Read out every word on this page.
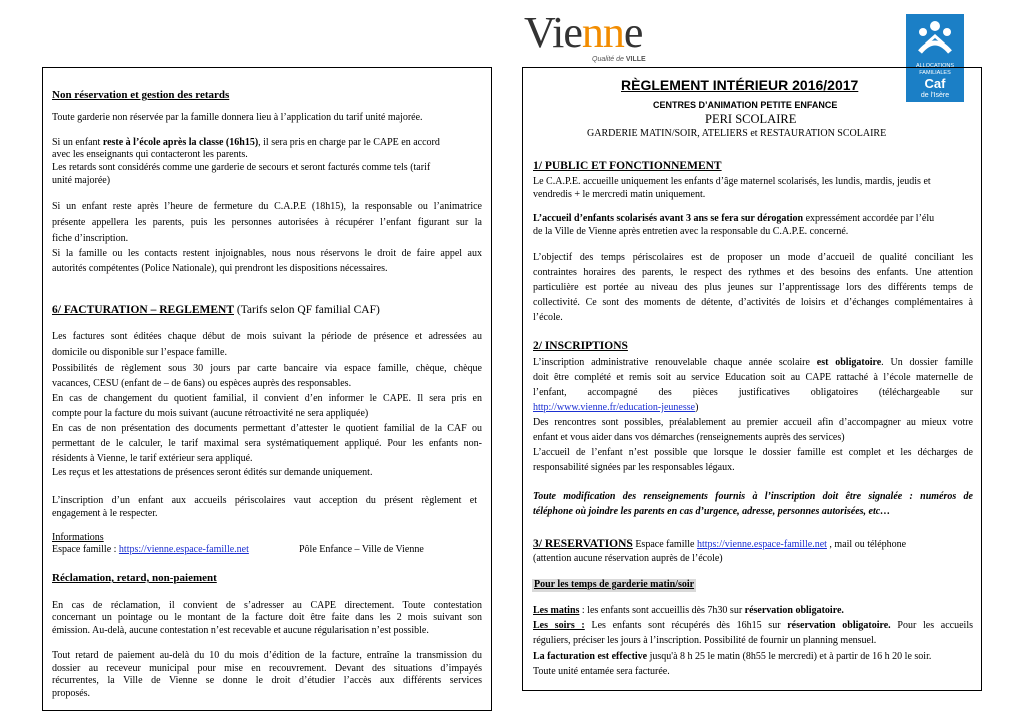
Vienne
Qualité de VILLE
ALLOCATIONS
FAMILIALES
Caf
de l'Isère
Non réservation et gestion des retards
Toute garderie non réservée par la famille donnera lieu à l’application du tarif unité majorée.
Si un enfant reste à l’école après la classe (16h15), il sera pris en charge par le CAPE en accord
avec les enseignants qui contacteront les parents.
Les retards sont considérés comme une garderie de secours et seront facturés comme tels (tarif
unité majorée)
Si un enfant reste après l’heure de fermeture du C.A.P.E (18h15), la responsable ou l’animatrice
présente appellera les parents, puis les personnes autorisées à récupérer l’enfant figurant sur la
fiche d’inscription.
Si la famille ou les contacts restent injoignables, nous nous réservons le droit de faire appel aux
autorités compétentes (Police Nationale), qui prendront les dispositions nécessaires.
6/ FACTURATION – REGLEMENT (Tarifs selon QF familial CAF)
Les factures sont éditées chaque début de mois suivant la période de présence et adressées au
domicile ou disponible sur l’espace famille.
Possibilités de règlement sous 30 jours par carte bancaire via espace famille, chèque, chèque
vacances, CESU (enfant de – de 6ans) ou espèces auprès des responsables.
En cas de changement du quotient familial, il convient d’en informer le CAPE. Il sera pris en
compte pour la facture du mois suivant (aucune rétroactivité ne sera appliquée)
En cas de non présentation des documents permettant d’attester le quotient familial de la CAF ou
permettant de le calculer, le tarif maximal sera systématiquement appliqué. Pour les enfants non-
résidents à Vienne, le tarif extérieur sera appliqué.
Les reçus et les attestations de présences seront édités sur demande uniquement.
L’inscription d’un enfant aux accueils périscolaires vaut acception du présent règlement et
engagement à le respecter.
Informations
Espace famille : https://vienne.espace-famille.net	Pôle Enfance – Ville de Vienne
Réclamation, retard, non-paiement
En cas de réclamation, il convient de s’adresser au CAPE directement. Toute contestation
concernant un pointage ou le montant de la facture doit être faite dans les 2 mois suivant son
émission. Au-delà, aucune contestation n’est recevable et aucune régularisation n’est possible.
Tout retard de paiement au-delà du 10 du mois d’édition de la facture, entraîne la transmission du
dossier au receveur municipal pour mise en recouvrement. Devant des situations d’impayés
récurrentes, la Ville de Vienne se donne le droit d’étudier l’accès aux différents services
proposés.
RÈGLEMENT INTÉRIEUR 2016/2017
CENTRES D’ANIMATION PETITE ENFANCE
PERI SCOLAIRE
GARDERIE MATIN/SOIR, ATELIERS et RESTAURATION SCOLAIRE
1/ PUBLIC ET FONCTIONNEMENT
Le C.A.P.E. accueille uniquement les enfants d’âge maternel scolarisés, les lundis, mardis, jeudis et
vendredis + le mercredi matin uniquement.
L’accueil d’enfants scolarisés avant 3 ans se fera sur dérogation expressément accordée par l’élu
de la Ville de Vienne après entretien avec la responsable du C.A.P.E. concerné.
L’objectif des temps périscolaires est de proposer un mode d’accueil de qualité conciliant les
contraintes horaires des parents, le respect des rythmes et des besoins des enfants. Une attention
particulière est portée au niveau des plus jeunes sur l’apprentissage lors des différents temps de
collectivité. Ce sont des moments de détente, d’activités de loisirs et d’échanges complémentaires à
l’école.
2/ INSCRIPTIONS
L’inscription administrative renouvelable chaque année scolaire est obligatoire. Un dossier famille
doit être complété et remis soit au service Education soit au CAPE rattaché à l’école maternelle de
l’enfant, accompagné des pièces justificatives obligatoires (téléchargeable sur
http://www.vienne.fr/education-jeunesse)
Des rencontres sont possibles, préalablement au premier accueil afin d’accompagner au mieux votre
enfant et vous aider dans vos démarches (renseignements auprès des services)
L’accueil de l’enfant n’est possible que lorsque le dossier famille est complet et les décharges de
responsabilité signées par les responsables légaux.
Toute modification des renseignements fournis à l’inscription doit être signalée : numéros de
téléphone où joindre les parents en cas d’urgence, adresse, personnes autorisées, etc…
3/ RESERVATIONS Espace famille https://vienne.espace-famille.net , mail ou téléphone
(attention aucune réservation auprès de l’école)
Pour les temps de garderie matin/soir
Les matins : les enfants sont accueillis dès 7h30 sur réservation obligatoire.
Les soirs : Les enfants sont récupérés dès 16h15 sur réservation obligatoire. Pour les accueils
réguliers, préciser les jours à l’inscription. Possibilité de fournir un planning mensuel.
La facturation est effective jusqu'à 8 h 25 le matin (8h55 le mercredi) et à partir de 16 h 20 le soir.
Toute unité entamée sera facturée.
